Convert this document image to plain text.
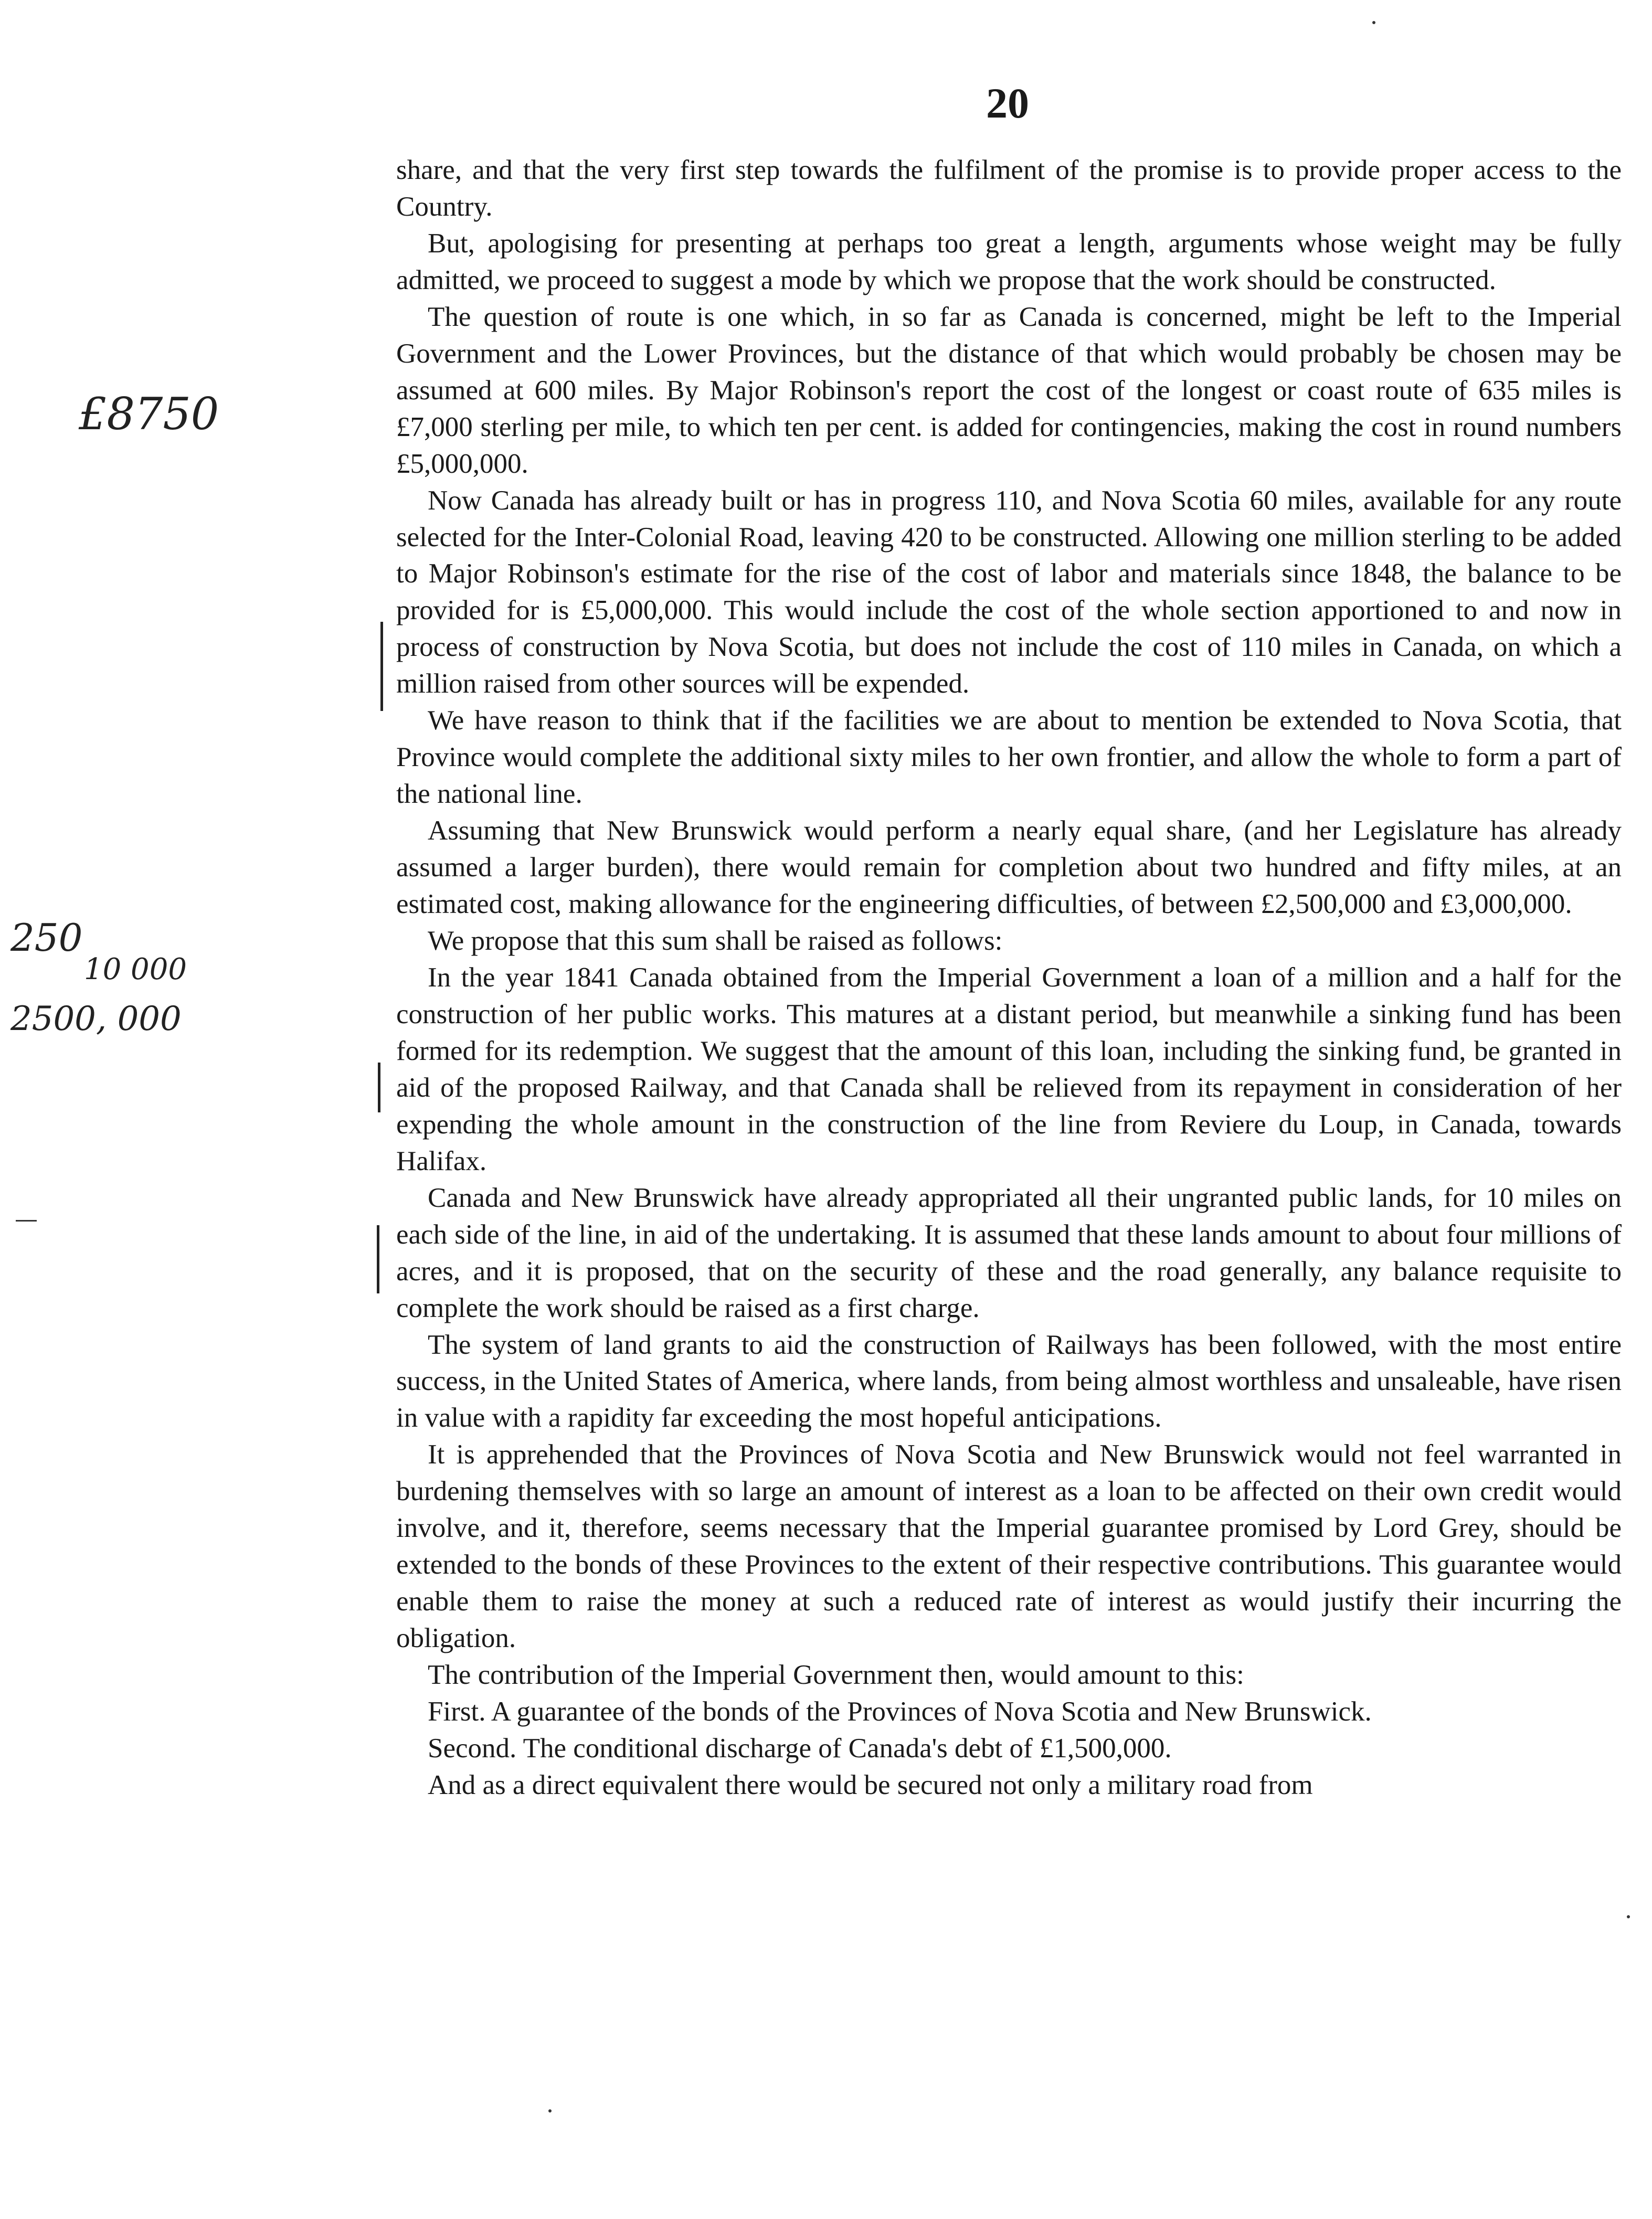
20
£8750
250
10 000
2500, 000

share, and that the very first step towards the fulfilment of the promise is to provide proper access to the Country.

But, apologising for presenting at perhaps too great a length, arguments whose weight may be fully admitted, we proceed to suggest a mode by which we propose that the work should be constructed.

The question of route is one which, in so far as Canada is concerned, might be left to the Imperial Government and the Lower Provinces, but the distance of that which would probably be chosen may be assumed at 600 miles. By Major Robinson's report the cost of the longest or coast route of 635 miles is £7,000 sterling per mile, to which ten per cent. is added for contingencies, making the cost in round numbers £5,000,000.

Now Canada has already built or has in progress 110, and Nova Scotia 60 miles, available for any route selected for the Inter-Colonial Road, leaving 420 to be constructed. Allowing one million sterling to be added to Major Robinson's estimate for the rise of the cost of labor and materials since 1848, the balance to be provided for is £5,000,000. This would include the cost of the whole section apportioned to and now in process of construction by Nova Scotia, but does not include the cost of 110 miles in Canada, on which a million raised from other sources will be expended.

We have reason to think that if the facilities we are about to mention be extended to Nova Scotia, that Province would complete the additional sixty miles to her own frontier, and allow the whole to form a part of the national line.

Assuming that New Brunswick would perform a nearly equal share, (and her Legislature has already assumed a larger burden), there would remain for completion about two hundred and fifty miles, at an estimated cost, making allowance for the engineering difficulties, of between £2,500,000 and £3,000,000.

We propose that this sum shall be raised as follows:

In the year 1841 Canada obtained from the Imperial Government a loan of a million and a half for the construction of her public works. This matures at a distant period, but meanwhile a sinking fund has been formed for its redemption. We suggest that the amount of this loan, including the sinking fund, be granted in aid of the proposed Railway, and that Canada shall be relieved from its repayment in consideration of her expending the whole amount in the construction of the line from Reviere du Loup, in Canada, towards Halifax.

Canada and New Brunswick have already appropriated all their ungranted public lands, for 10 miles on each side of the line, in aid of the undertaking. It is assumed that these lands amount to about four millions of acres, and it is proposed, that on the security of these and the road generally, any balance requisite to complete the work should be raised as a first charge.

The system of land grants to aid the construction of Railways has been followed, with the most entire success, in the United States of America, where lands, from being almost worthless and unsaleable, have risen in value with a rapidity far exceeding the most hopeful anticipations.

It is apprehended that the Provinces of Nova Scotia and New Brunswick would not feel warranted in burdening themselves with so large an amount of interest as a loan to be affected on their own credit would involve, and it, therefore, seems necessary that the Imperial guarantee promised by Lord Grey, should be extended to the bonds of these Provinces to the extent of their respective contributions. This guarantee would enable them to raise the money at such a reduced rate of interest as would justify their incurring the obligation.

The contribution of the Imperial Government then, would amount to this:

First. A guarantee of the bonds of the Provinces of Nova Scotia and New Brunswick.

Second. The conditional discharge of Canada's debt of £1,500,000.

And as a direct equivalent there would be secured not only a military road from
